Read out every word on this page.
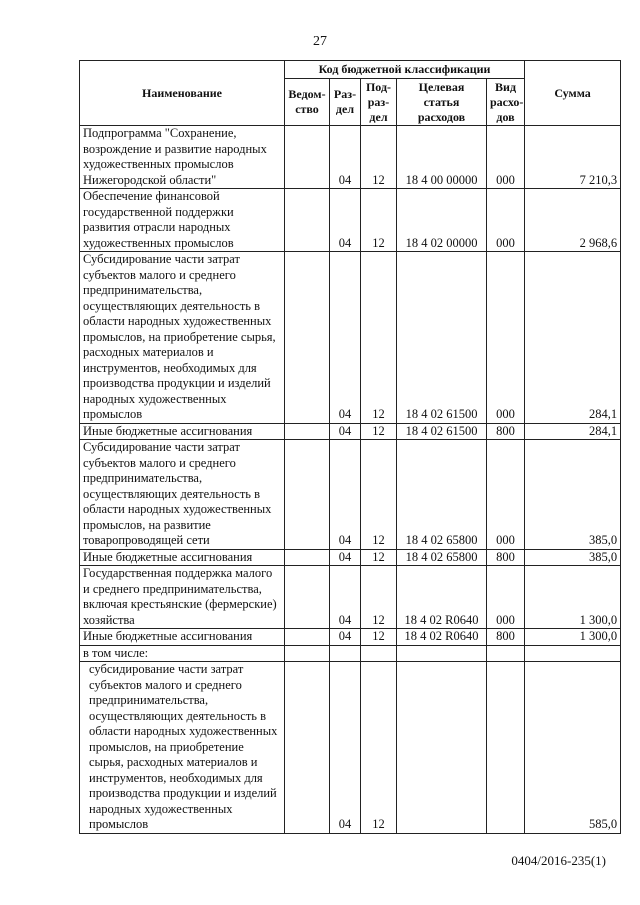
27
Наименование	Код бюджетной классификации					Сумма
	Ведом-ство	Раз-дел	Под-раз-дел	Целевая статья расходов	Вид расхо-дов	
Подпрограмма "Сохранение, возрождение и развитие народных художественных промыслов Нижегородской области"		04	12	18 4 00 00000	000	7 210,3
Обеспечение финансовой государственной поддержки развития отрасли народных художественных промыслов		04	12	18 4 02 00000	000	2 968,6
Субсидирование части затрат субъектов малого и среднего предпринимательства, осуществляющих деятельность в области народных художественных промыслов, на приобретение сырья, расходных материалов и инструментов, необходимых для производства продукции и изделий народных художественных промыслов		04	12	18 4 02 61500	000	284,1
Иные бюджетные ассигнования		04	12	18 4 02 61500	800	284,1
Субсидирование части затрат субъектов малого и среднего предпринимательства, осуществляющих деятельность в области народных художественных промыслов, на развитие товаропроводящей сети		04	12	18 4 02 65800	000	385,0
Иные бюджетные ассигнования		04	12	18 4 02 65800	800	385,0
Государственная поддержка малого и среднего предпринимательства, включая крестьянские (фермерские) хозяйства		04	12	18 4 02 R0640	000	1 300,0
Иные бюджетные ассигнования		04	12	18 4 02 R0640	800	1 300,0
в том числе:						
субсидирование части затрат субъектов малого и среднего предпринимательства, осуществляющих деятельность в области народных художественных промыслов, на приобретение сырья, расходных материалов и инструментов, необходимых для производства продукции и изделий народных художественных промыслов		04	12			585,0
0404/2016-235(1)
